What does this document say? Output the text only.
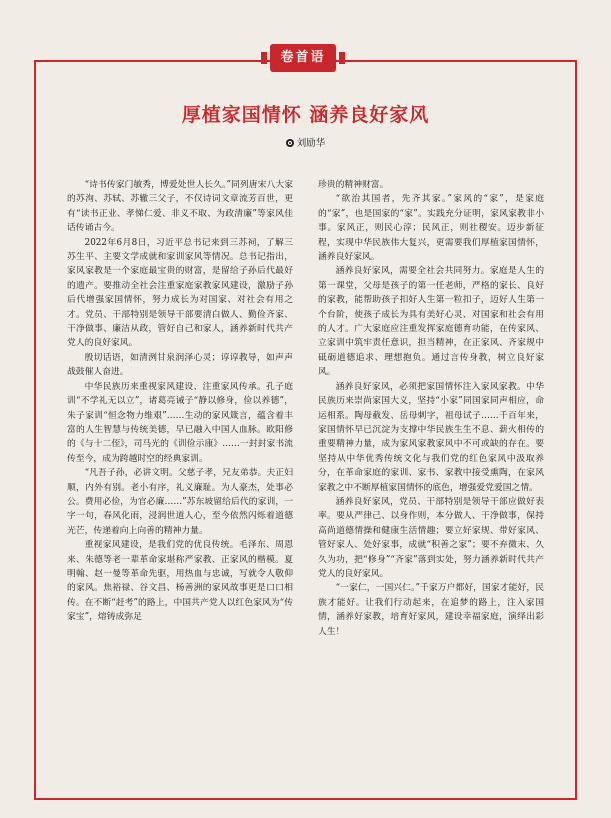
卷首语
厚植家国情怀 涵养良好家风
刘励华

“诗书传家门敏秀，博爱处世人长久。”同列唐宋八大家的苏洵、苏轼、苏辙三父子，不仅诗词文章流芳百世，更有“读书正业、孝悌仁爱、非义不取、为政清廉”等家风佳话传诵古今。

2022年6月8日，习近平总书记来到三苏祠，了解三苏生平、主要文学成就和家训家风等情况。总书记指出，家风家教是一个家庭最宝贵的财富，是留给子孙后代最好的遗产。要推动全社会注重家庭家教家风建设，激励子孙后代增强家国情怀，努力成长为对国家、对社会有用之才。党员、干部特别是领导干部要清白做人、勤俭齐家、干净做事、廉洁从政，管好自己和家人，涵养新时代共产党人的良好家风。

殷切话语，如清洌甘泉润泽心灵；谆谆教导，如声声战鼓催人奋进。

中华民族历来重视家风建设、注重家风传承。孔子庭训“不学礼无以立”，诸葛亮诫子“静以修身，俭以养德”，朱子家训“恒念物力维艰”……生动的家风箴言，蕴含着丰富的人生智慧与传统美德，早已融入中国人血脉。欧阳修的《与十二侄》，司马光的《训俭示康》……一封封家书流传至今，成为跨越时空的经典家训。

“凡吾子孙，必讲文明。父慈子孝，兄友弟恭。夫正妇顺，内外有别。老小有序，礼义廉耻。为人豪杰，处事必公。费用必俭，为官必廉……”苏东坡留给后代的家训，一字一句，春风化雨，浸润世道人心，至今依然闪烁着道德光芒，传递着向上向善的精神力量。

重视家风建设，是我们党的优良传统。毛泽东、周恩来、朱德等老一辈革命家堪称严家教、正家风的楷模。夏明翰、赵一曼等革命先驱，用热血与忠诚，写就令人敬仰的家风。焦裕禄、谷文昌、杨善洲的家风故事更是口口相传。在不断“赶考”的路上，中国共产党人以红色家风为“传家宝”，熔铸成弥足

珍贵的精神财富。

“欲治其国者，先齐其家。”家风的“家”，是家庭的“家”，也是国家的“家”。实践充分证明，家风家教非小事。家风正，则民心淳；民风正，则社稷安。迈步新征程，实现中华民族伟大复兴，更需要我们厚植家国情怀，涵养良好家风。

涵养良好家风，需要全社会共同努力。家庭是人生的第一课堂，父母是孩子的第一任老师，严格的家长、良好的家教，能帮助孩子扣好人生第一粒扣子，迈好人生第一个台阶，使孩子成长为具有美好心灵、对国家和社会有用的人才。广大家庭应注重发挥家庭德育功能，在传家风、立家训中筑牢责任意识，担当精神，在正家风、齐家规中砥砺道德追求、理想抱负。通过言传身教，树立良好家风。

涵养良好家风，必须把家国情怀注入家风家教。中华民族历来崇尚家国大义，坚持“小家”同国家同声相应，命运相系。陶母截发、岳母刺字，祖母试子……千百年来，家国情怀早已沉淀为支撑中华民族生生不息、薪火相传的重要精神力量，成为家风家教家风中不可或缺的存在。要坚持从中华优秀传统文化与我们党的红色家风中汲取养分，在革命家庭的家训、家书、家教中接受熏陶，在家风家教之中不断厚植家国情怀的底色，增强爱党爱国之情。

涵养良好家风，党员、干部特别是领导干部应做好表率。要从严律己、以身作则，本分做人、干净做事，保持高尚道德情操和健康生活情趣；要立好家规、带好家风、管好家人、处好家事，成就“积善之家”；要不弃微末、久久为功，把“修身”“齐家”落到实处，努力涵养新时代共产党人的良好家风。

“一家仁，一国兴仁。”千家万户都好，国家才能好，民族才能好。让我们行动起来，在追梦的路上，注入家国情，涵养好家教，培育好家风，建设幸福家庭，演绎出彩人生！
